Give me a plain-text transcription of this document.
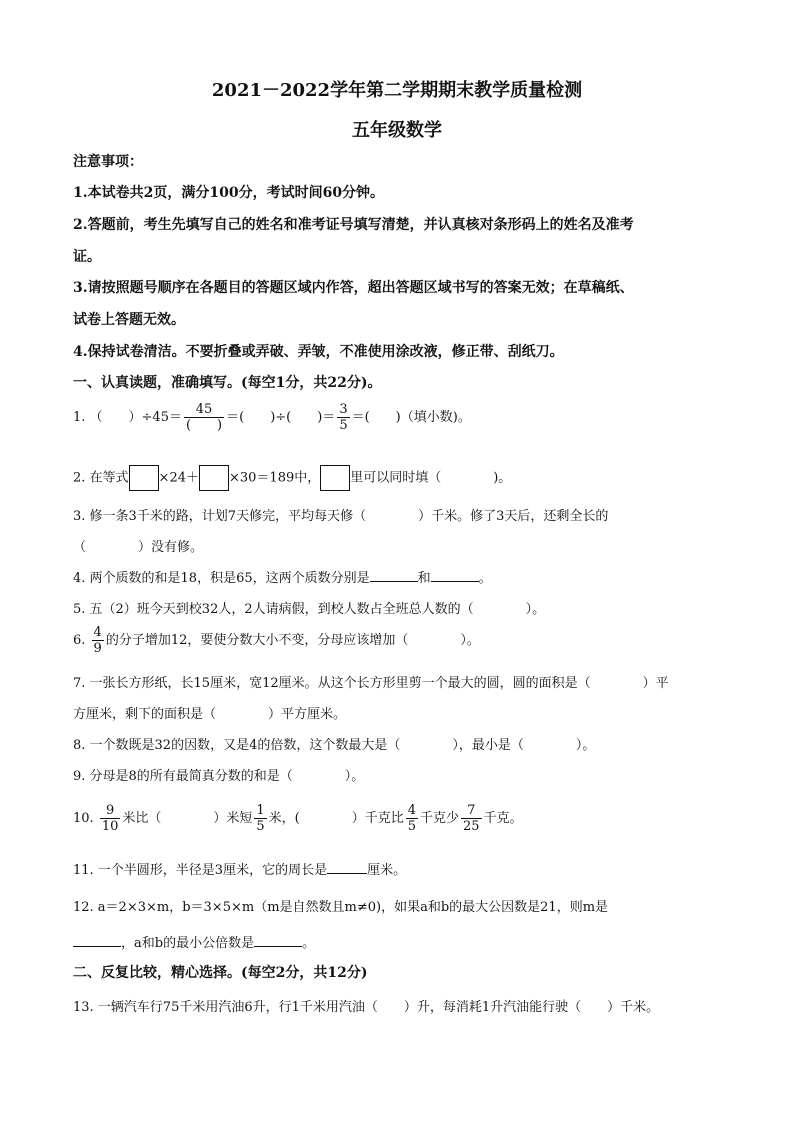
2021－2022学年第二学期期末教学质量检测
五年级数学
注意事项：
1.本试卷共2页，满分100分，考试时间60分钟。
2.答题前，考生先填写自己的姓名和准考证号填写清楚，并认真核对条形码上的姓名及准考
证。
3.请按照题号顺序在各题目的答题区域内作答，超出答题区域书写的答案无效；在草稿纸、
试卷上答题无效。
4.保持试卷清洁。不要折叠或弄破、弄皱，不准使用涂改液，修正带、刮纸刀。
一、认真读题，准确填写。(每空1分，共22分)。
1. （　　）$\div 45= \frac{45}{( )}$ ＝(　　)÷(　　)＝ $\frac{3}{5}$ ＝(　　)（填小数)。
2. 在等式 ×24＋ ×30＝189中， 里可以同时填（　　　　)。
3. 修一条3千米的路，计划7天修完，平均每天修（　　　　）千米。修了3天后，还剩全长的
（　　　　）没有修。
4. 两个质数的和是18，积是65，这两个质数分别是	和	。
5. 五（2）班今天到校32人，2人请病假，到校人数占全班总人数的（　　　　）。
6. $\frac{4}{9}$ 的分子增加12，要使分数大小不变，分母应该增加（　　　　）。
7. 一张长方形纸，长15厘米，宽12厘米。从这个长方形里剪一个最大的圆，圆的面积是（　　　　）平
方厘米，剩下的面积是（　　　　）平方厘米。
8. 一个数既是32的因数，又是4的倍数，这个数最大是（　　　　），最小是（　　　　）。
9. 分母是8的所有最简真分数的和是（　　　　）。
10. $\frac{9}{10}$ 米比（　　　　）米短 $\frac{1}{5}$ 米，(　　　　）千克比 $\frac{4}{5}$ 千克少 $\frac{7}{25}$ 千克。
11. 一个半圆形，半径是3厘米，它的周长是	厘米。
12. a＝2×3×m，b＝3×5×m（m是自然数且m≠0)，如果a和b的最大公因数是21，则m是
，a和b的最小公倍数是	。
二、反复比较，精心选择。(每空2分，共12分)
13. 一辆汽车行75千米用汽油6升，行1千米用汽油（　　）升，每消耗1升汽油能行驶（　　）千米。
